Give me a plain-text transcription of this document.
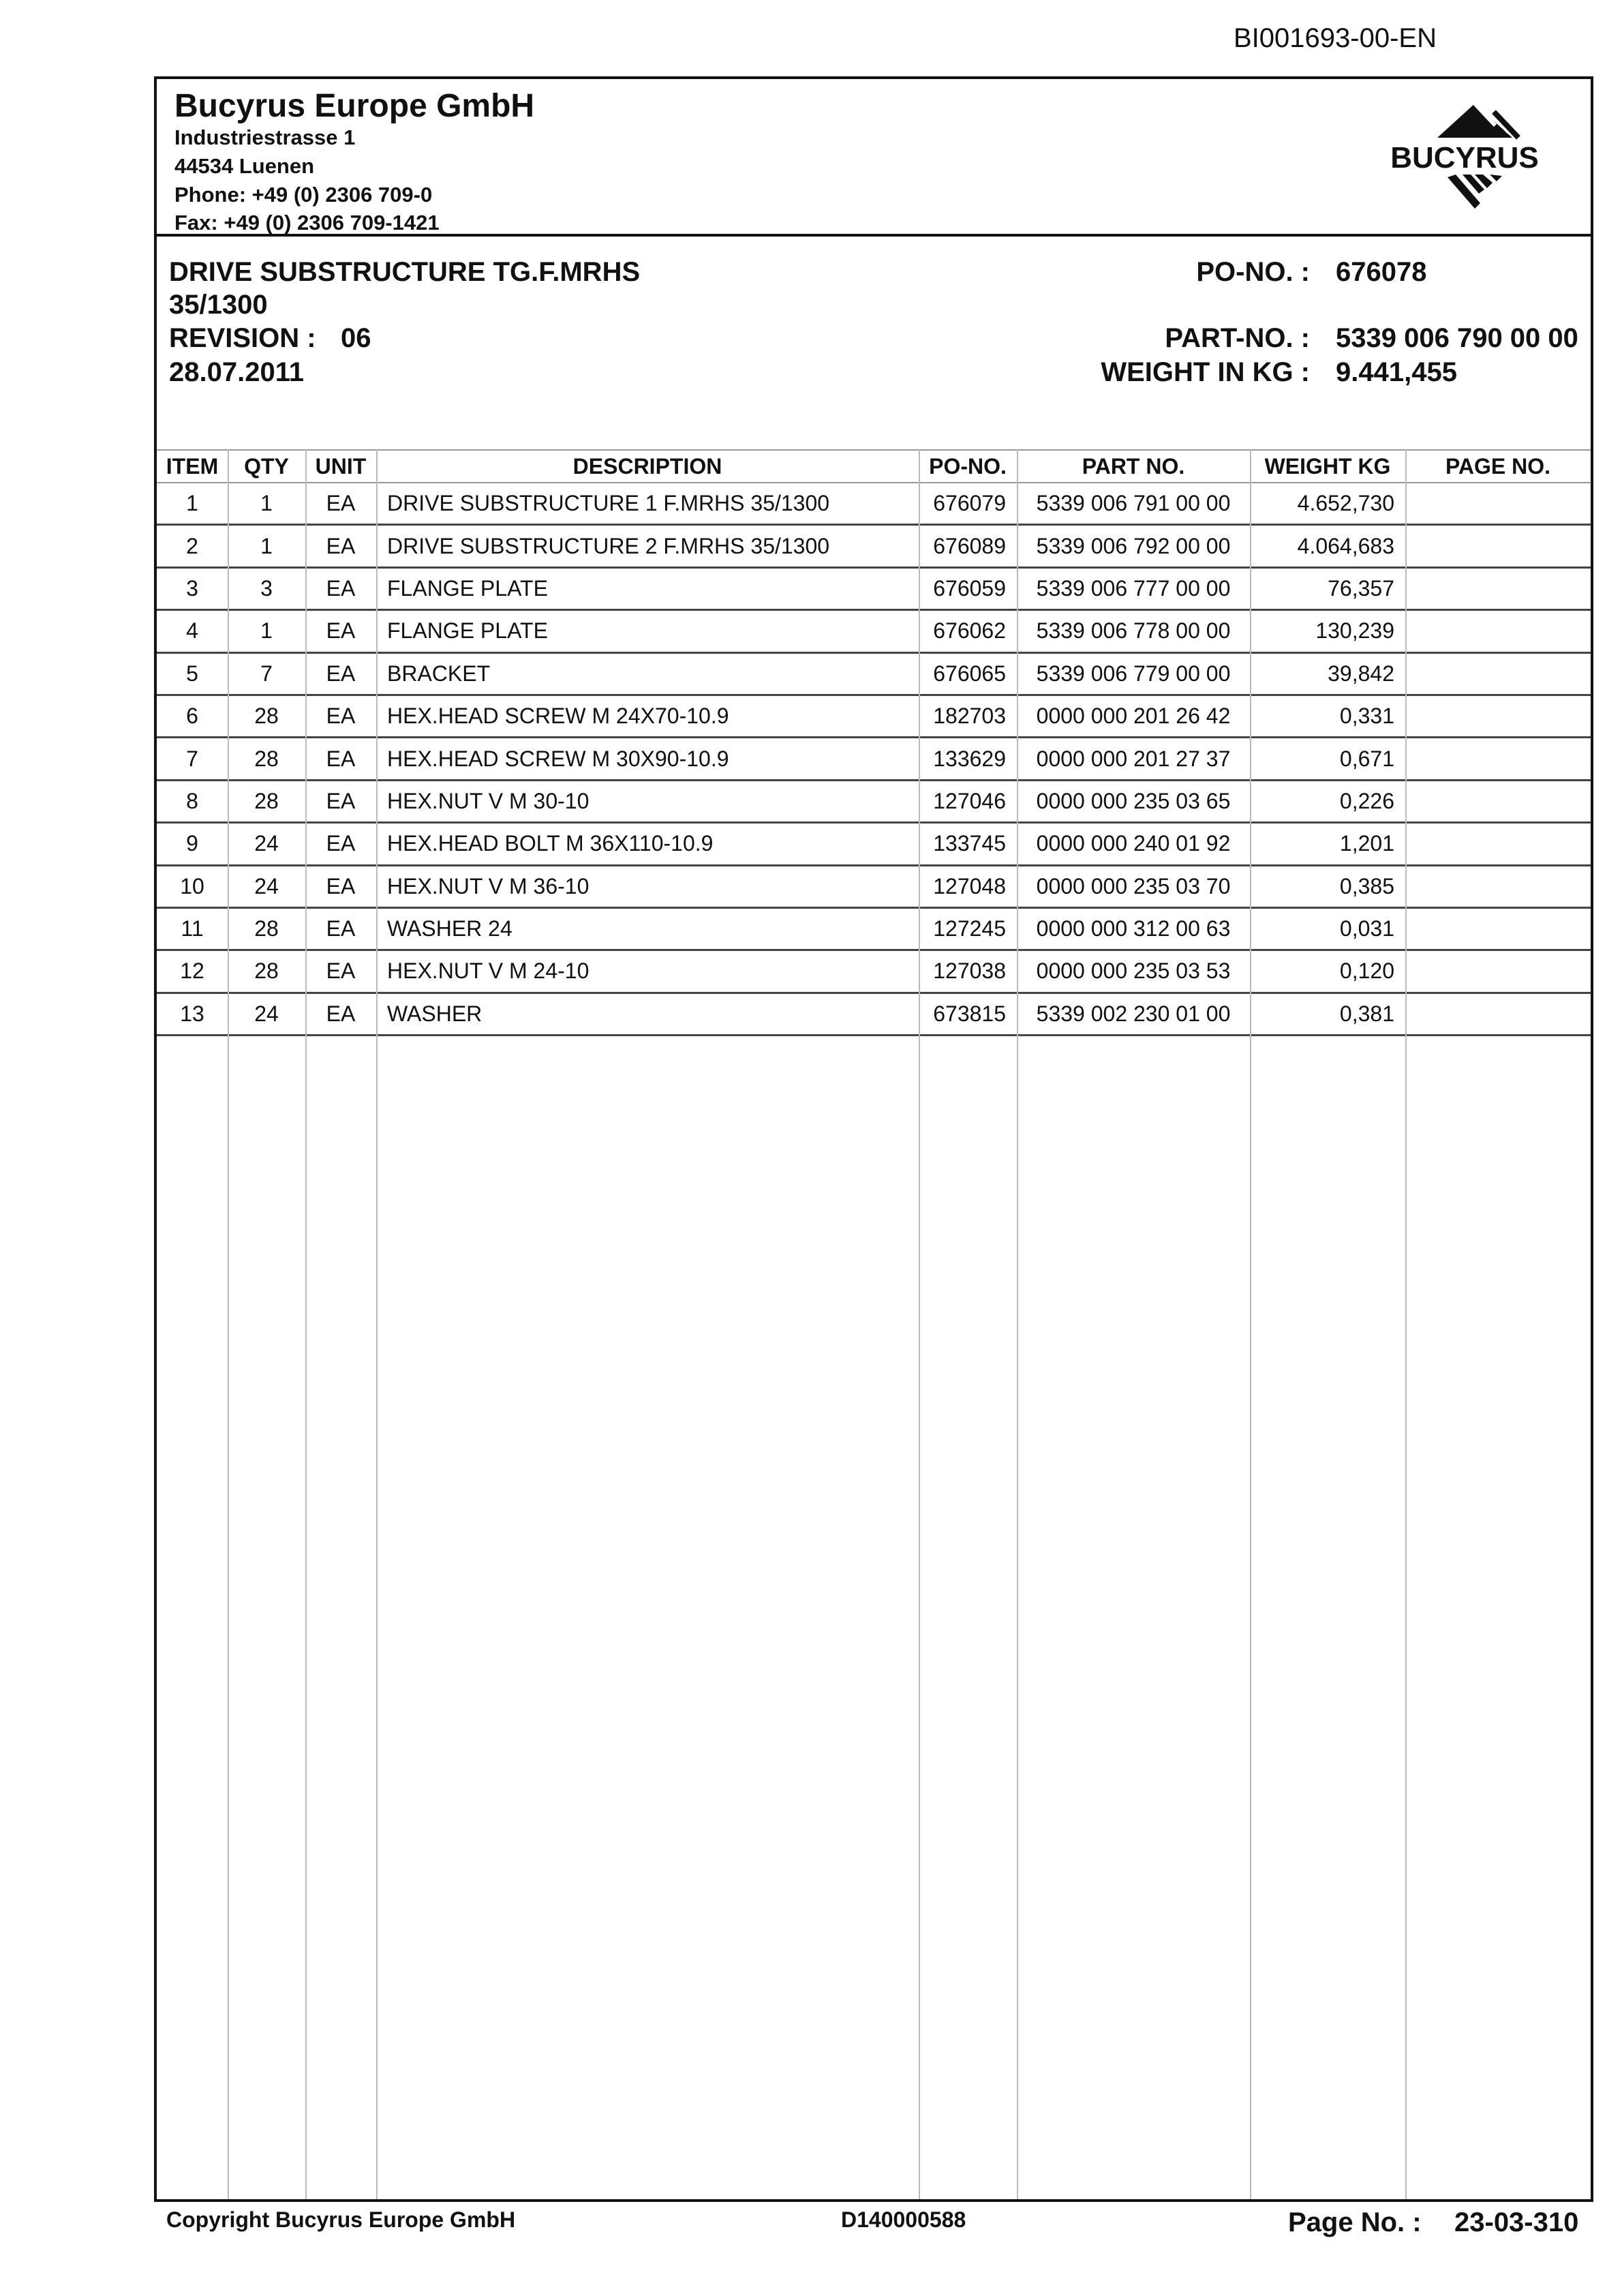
BI001693-00-EN
Bucyrus Europe GmbH
Industriestrasse 1
44534 Luenen
Phone: +49 (0) 2306 709-0
Fax: +49 (0) 2306 709-1421
BUCYRUS
DRIVE SUBSTRUCTURE TG.F.MRHS
35/1300
REVISION : 06
28.07.2011
PO-NO. : 676078
PART-NO. : 5339 006 790 00 00
WEIGHT IN KG : 9.441,455
ITEM	QTY	UNIT	DESCRIPTION	PO-NO.	PART NO.	WEIGHT KG	PAGE NO.
1	1	EA	DRIVE SUBSTRUCTURE 1 F.MRHS 35/1300	676079	5339 006 791 00 00	4.652,730	
2	1	EA	DRIVE SUBSTRUCTURE 2 F.MRHS 35/1300	676089	5339 006 792 00 00	4.064,683	
3	3	EA	FLANGE PLATE	676059	5339 006 777 00 00	76,357	
4	1	EA	FLANGE PLATE	676062	5339 006 778 00 00	130,239	
5	7	EA	BRACKET	676065	5339 006 779 00 00	39,842	
6	28	EA	HEX.HEAD SCREW M 24X70-10.9	182703	0000 000 201 26 42	0,331	
7	28	EA	HEX.HEAD SCREW M 30X90-10.9	133629	0000 000 201 27 37	0,671	
8	28	EA	HEX.NUT V M 30-10	127046	0000 000 235 03 65	0,226	
9	24	EA	HEX.HEAD BOLT M 36X110-10.9	133745	0000 000 240 01 92	1,201	
10	24	EA	HEX.NUT V M 36-10	127048	0000 000 235 03 70	0,385	
11	28	EA	WASHER 24	127245	0000 000 312 00 63	0,031	
12	28	EA	HEX.NUT V M 24-10	127038	0000 000 235 03 53	0,120	
13	24	EA	WASHER	673815	5339 002 230 01 00	0,381	
Copyright Bucyrus Europe GmbH	D140000588	Page No. : 23-03-310
